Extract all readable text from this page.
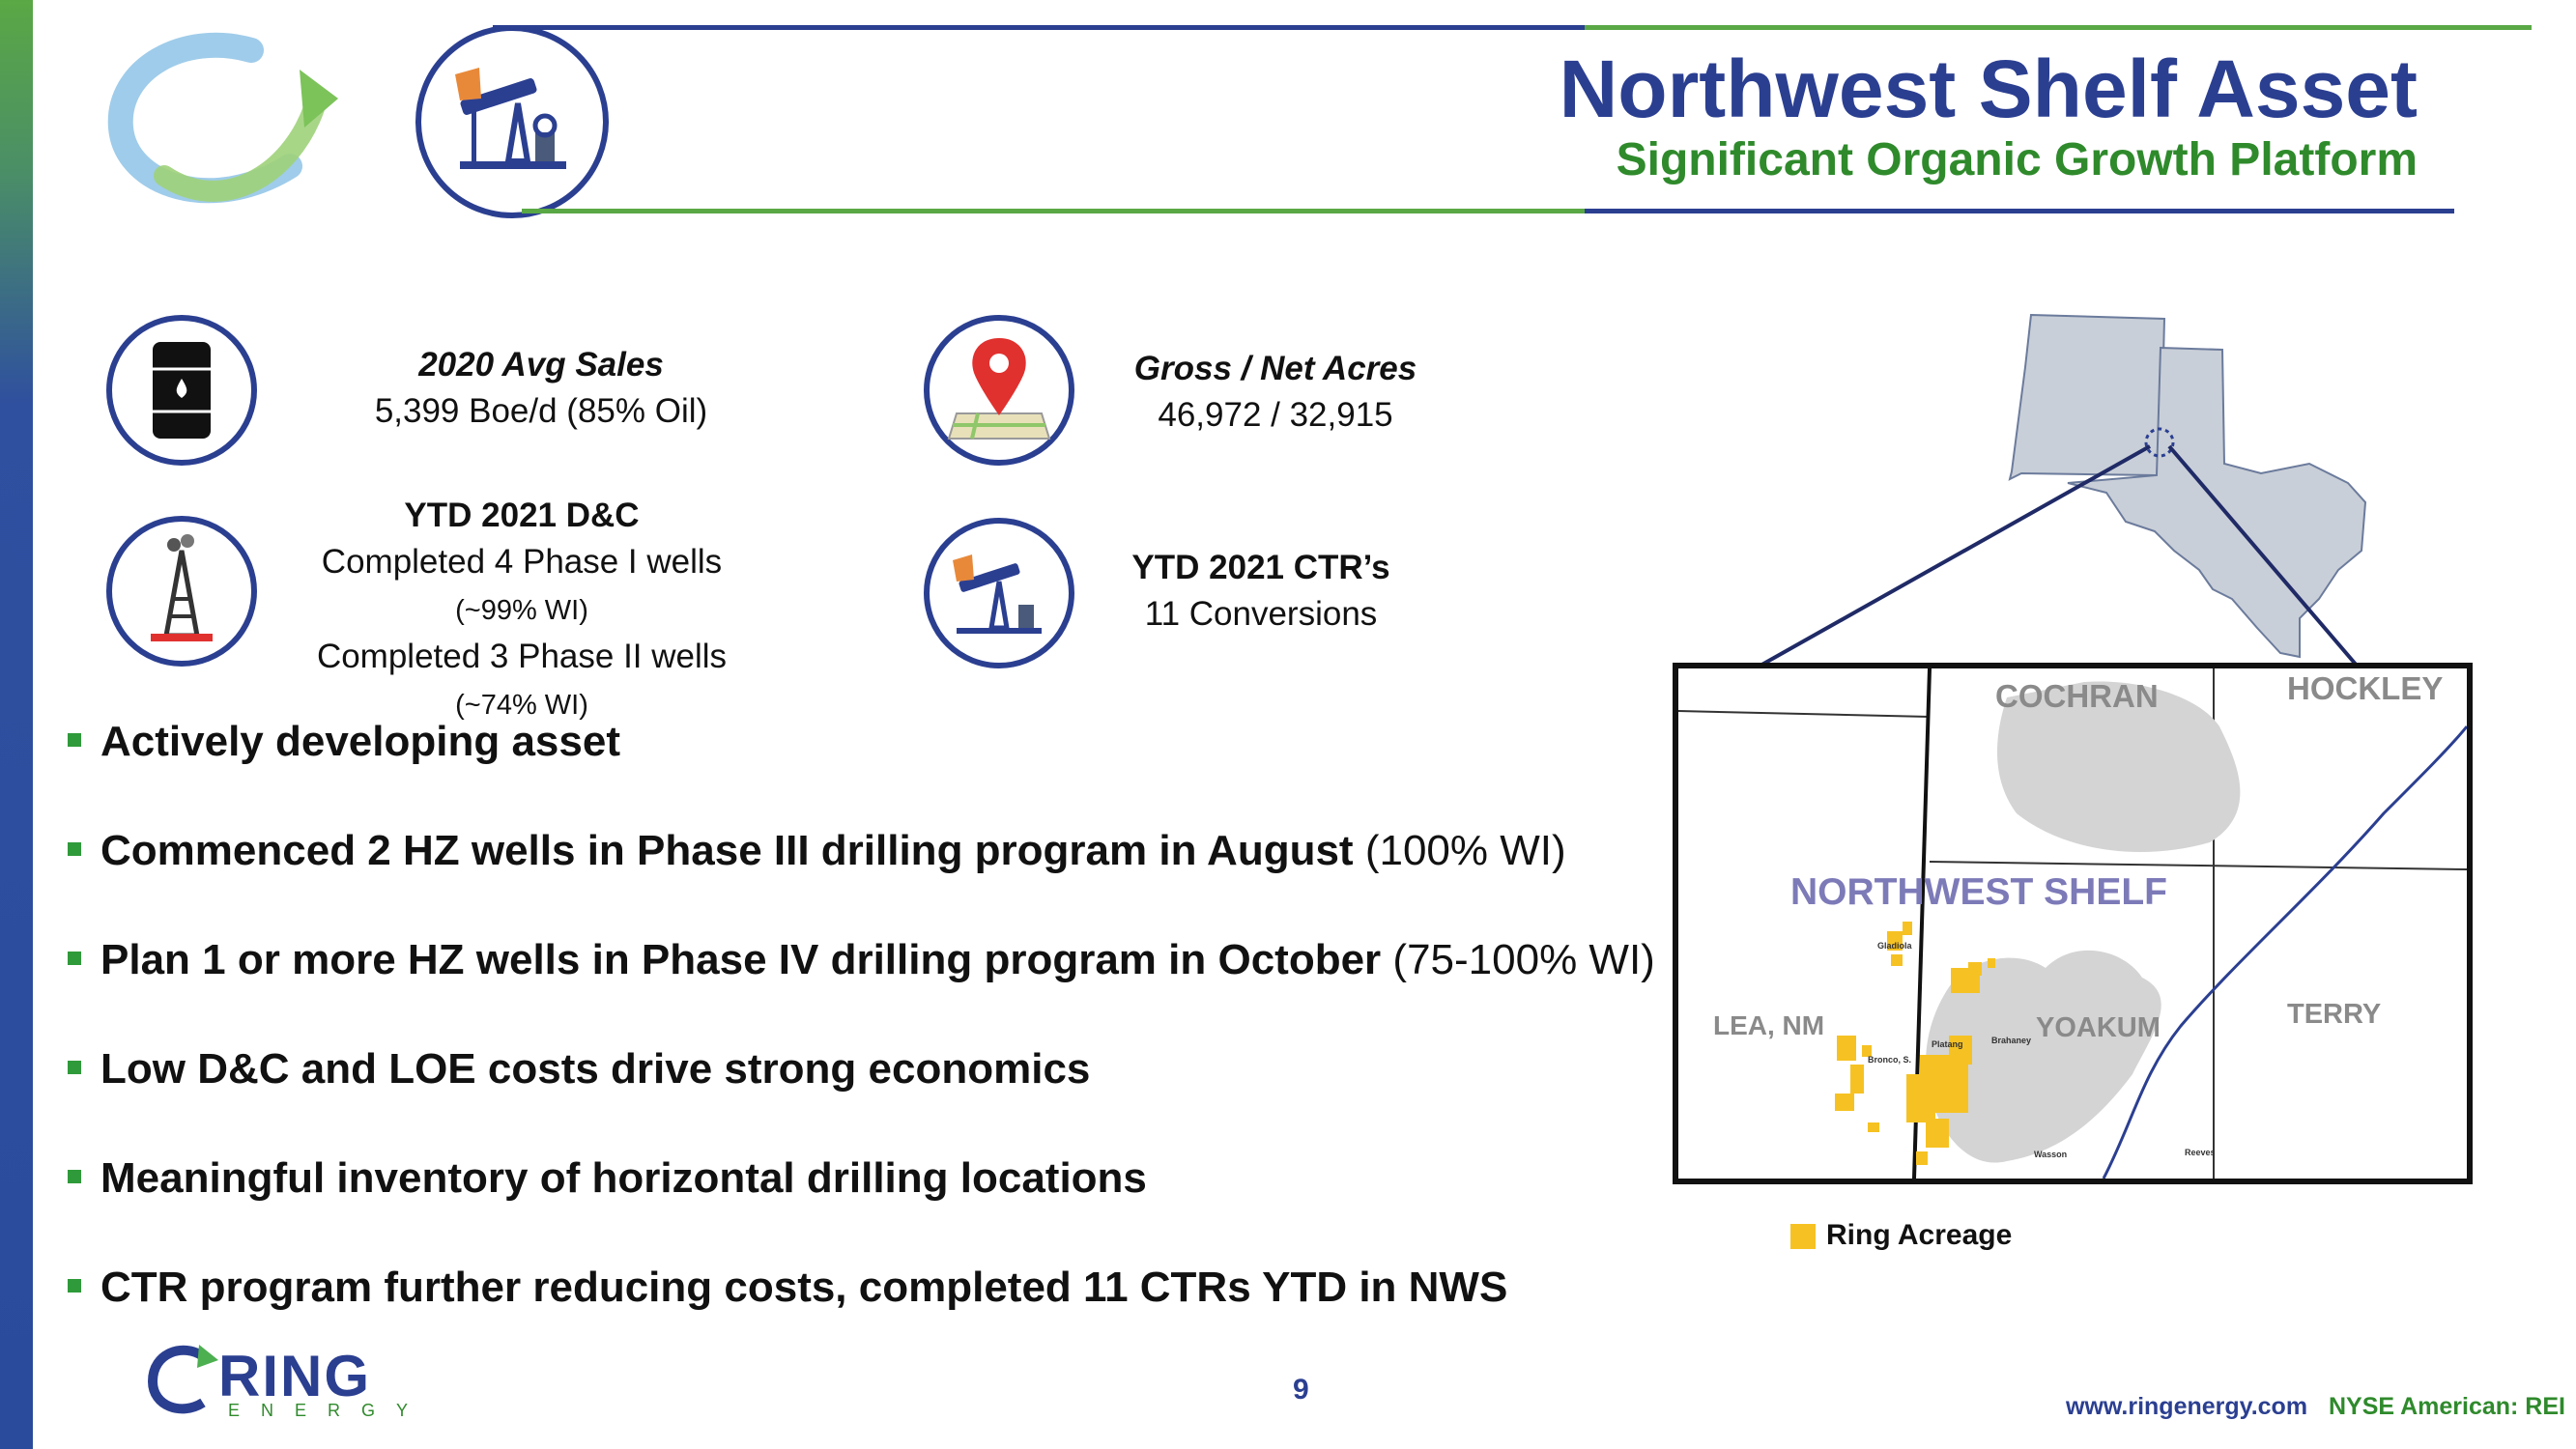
Northwest Shelf Asset
Significant Organic Growth Platform
2020 Avg Sales
5,399 Boe/d (85% Oil)
Gross / Net Acres
46,972 / 32,915
YTD 2021 D&C
Completed 4 Phase I wells (~99% WI)
Completed 3 Phase II wells (~74% WI)
YTD 2021 CTR’s
11 Conversions
Actively developing asset
Commenced 2 HZ wells in Phase III drilling program in August (100% WI)
Plan 1 or more HZ wells in Phase IV drilling program in October (75-100% WI)
Low D&C and LOE costs drive strong economics
Meaningful inventory of horizontal drilling locations
CTR program further reducing costs, completed 11 CTRs YTD in NWS
COCHRAN	HOCKLEY
LEA, NM	YOAKUM	TERRY
NORTHWEST SHELF
Gladiola
Bronco, S.
Platang	Brahaney
Wasson	Reeves
Ring Acreage
RING
ENERGY
9
www.ringenergy.com NYSE American: REI
